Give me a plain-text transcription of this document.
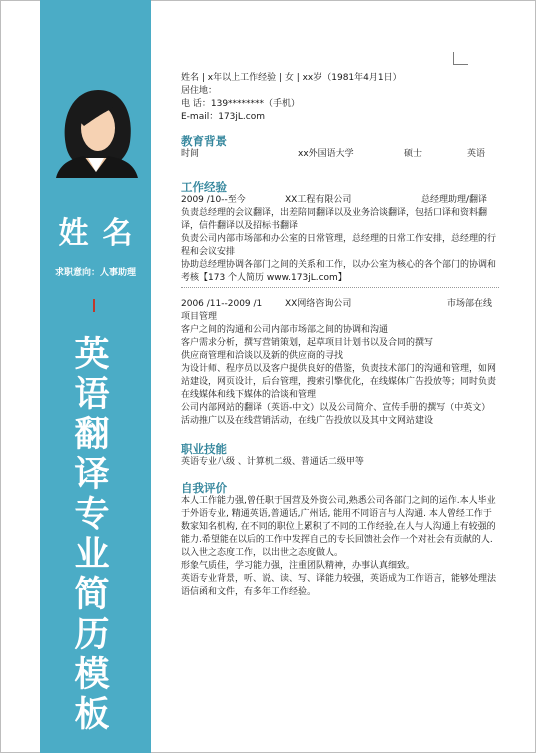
姓名
求职意向：人事助理
英语翻译专业简历模板
姓名 | x年以上工作经验 | 女 | xx岁（1981年4月1日）
居住地：
电 话：139********（手机）
E-mail：173jL.com
教育背景
时间	xx外国语大学	硕士	英语
工作经验
2009 /10--至今	XX工程有限公司	总经理助理/翻译
负责总经理的会议翻译，出差陪同翻译以及业务洽谈翻译，包括口译和资料翻译，信件翻译以及招标书翻译
负责公司内部市场部和办公室的日常管理，总经理的日常工作安排，总经理的行程和会议安排
协助总经理协调各部门之间的关系和工作，以办公室为核心的各个部门的协调和考核【173 个人简历 www.173jL.com】
2006 /11--2009 /1	XX网络咨询公司	市场部在线
项目管理
客户之间的沟通和公司内部市场部之间的协调和沟通
客户需求分析，撰写营销策划，起草项目计划书以及合同的撰写
供应商管理和洽谈以及新的供应商的寻找
为设计师、程序员以及客户提供良好的借鉴，负责技术部门的沟通和管理，如网站建设，网页设计，后台管理，搜索引擎优化，在线媒体广告投放等；同时负责在线媒体和线下媒体的洽谈和管理
公司内部网站的翻译（英语-中文）以及公司简介、宣传手册的撰写（中英文）
活动推广以及在线营销活动，在线广告投放以及其中文网站建设
职业技能
英语专业八级 、计算机二级、普通话二级甲等
自我评价
本人工作能力强,曾任职于国营及外资公司,熟悉公司各部门之间的运作.本人毕业于外语专业, 精通英语,普通话,广州话, 能用不同语言与人沟通. 本人曾经工作于数家知名机构, 在不同的职位上累积了不同的工作经验,在人与人沟通上有较强的能力.希望能在以后的工作中发挥自己的专长回馈社会作一个对社会有贡献的人.
以入世之态度工作，以出世之态度做人。
形象气质佳，学习能力强，注重团队精神，办事认真细致。
英语专业背景，听、说、读、写、译能力较强，英语成为工作语言，能够处理法语信函和文件，有多年工作经验。
